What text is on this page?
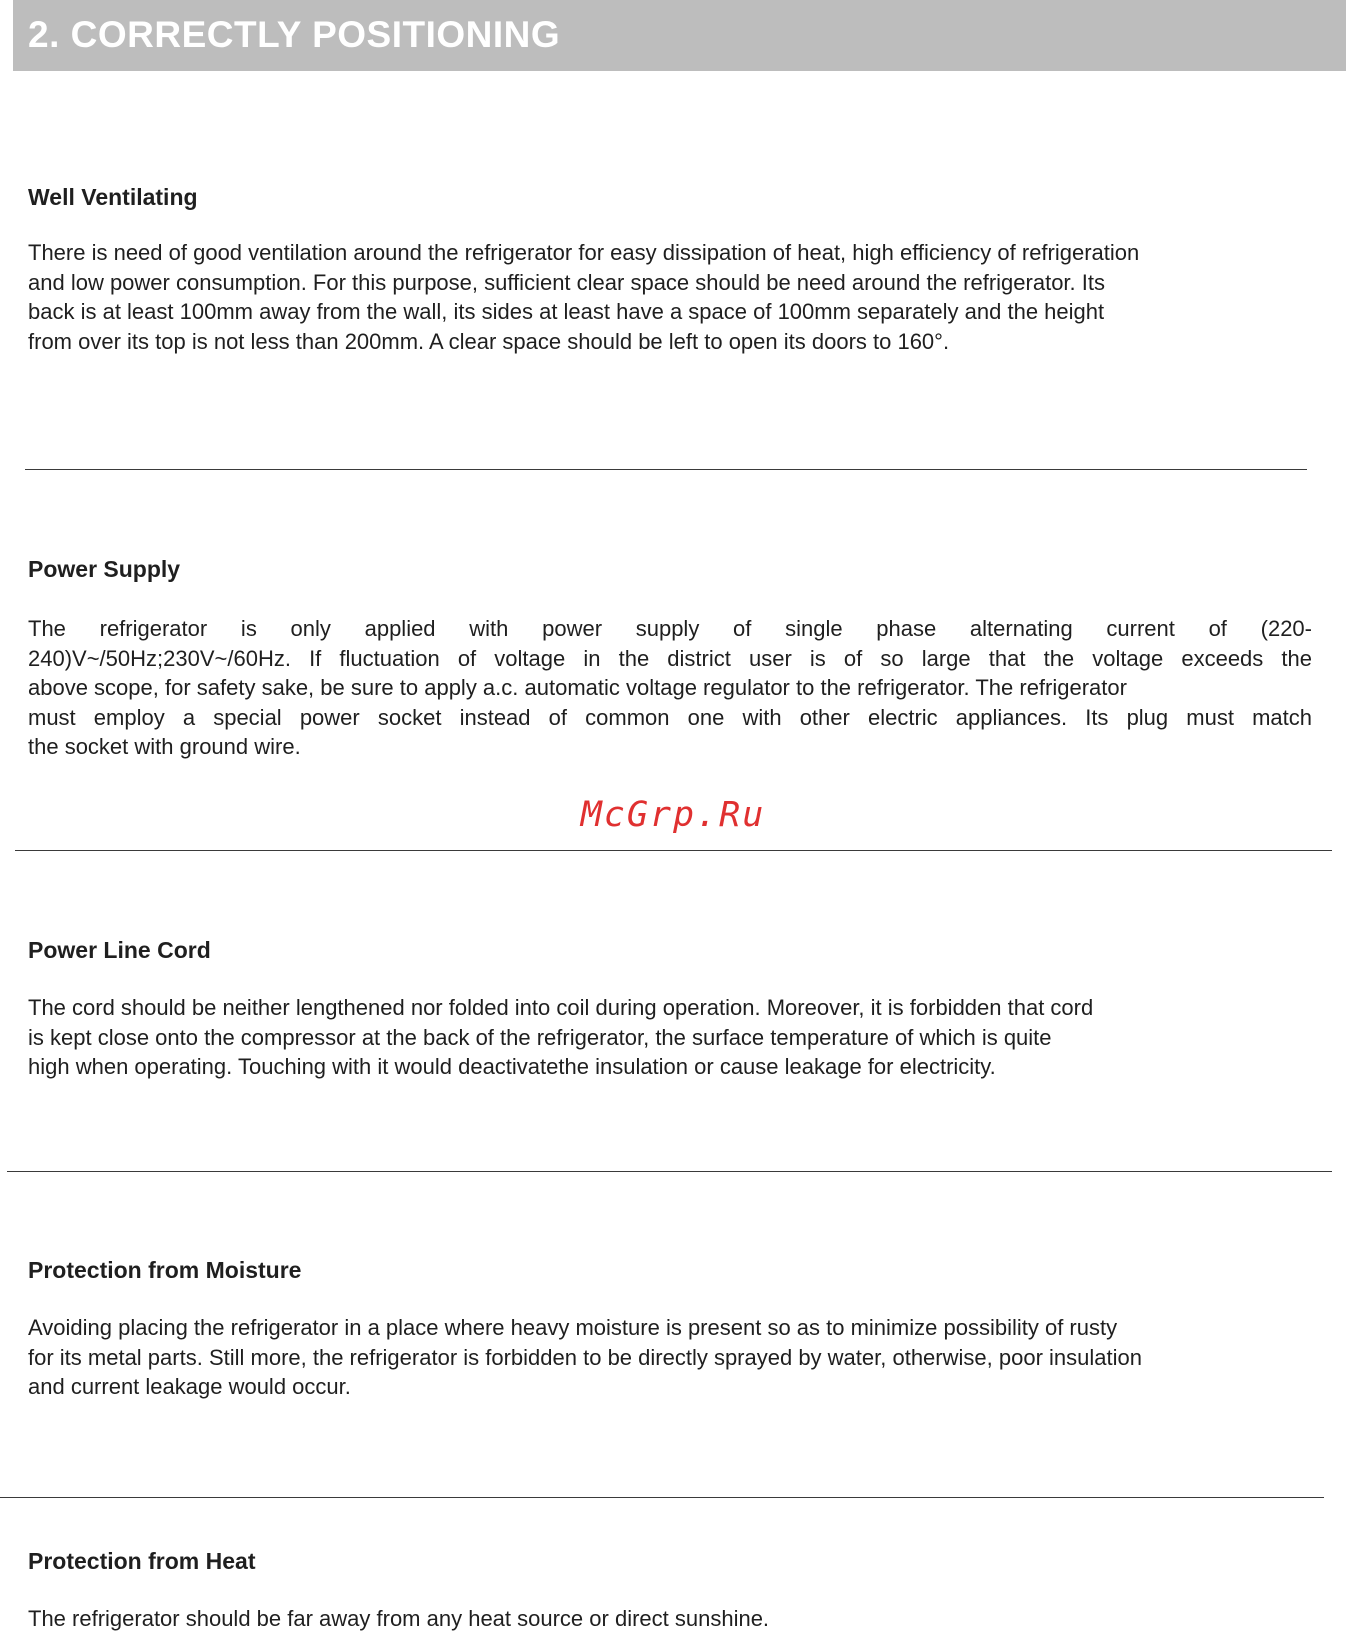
2. CORRECTLY POSITIONING
Well Ventilating
There is need of good ventilation around the refrigerator for easy dissipation of heat, high efficiency of refrigeration
and low power consumption. For this purpose, sufficient clear space should be need around the refrigerator. Its
back is at least 100mm away from the wall, its sides at least have a space of 100mm separately and the height
from over its top is not less than 200mm. A clear space should be left to open its doors to 160°.
Power Supply
The refrigerator is only applied with power supply of single phase alternating current of (220-
240)V~/50Hz;230V~/60Hz. If fluctuation of voltage in the district user is of so large that the voltage exceeds the
above scope, for safety sake, be sure to apply a.c. automatic voltage regulator to the refrigerator. The refrigerator
must employ a special power socket instead of common one with other electric appliances. Its plug must match
the socket with ground wire.
McGrp.Ru
Power Line Cord
The cord should be neither lengthened nor folded into coil during operation. Moreover, it is forbidden that cord
is kept close onto the compressor at the back of the refrigerator, the surface temperature of which is quite
high when operating. Touching with it would deactivatethe insulation or cause leakage for electricity.
Protection from Moisture
Avoiding placing the refrigerator in a place where heavy moisture is present so as to minimize possibility of rusty
for its metal parts. Still more, the refrigerator is forbidden to be directly sprayed by water, otherwise, poor insulation
and current leakage would occur.
Protection from Heat
The refrigerator should be far away from any heat source or direct sunshine.
